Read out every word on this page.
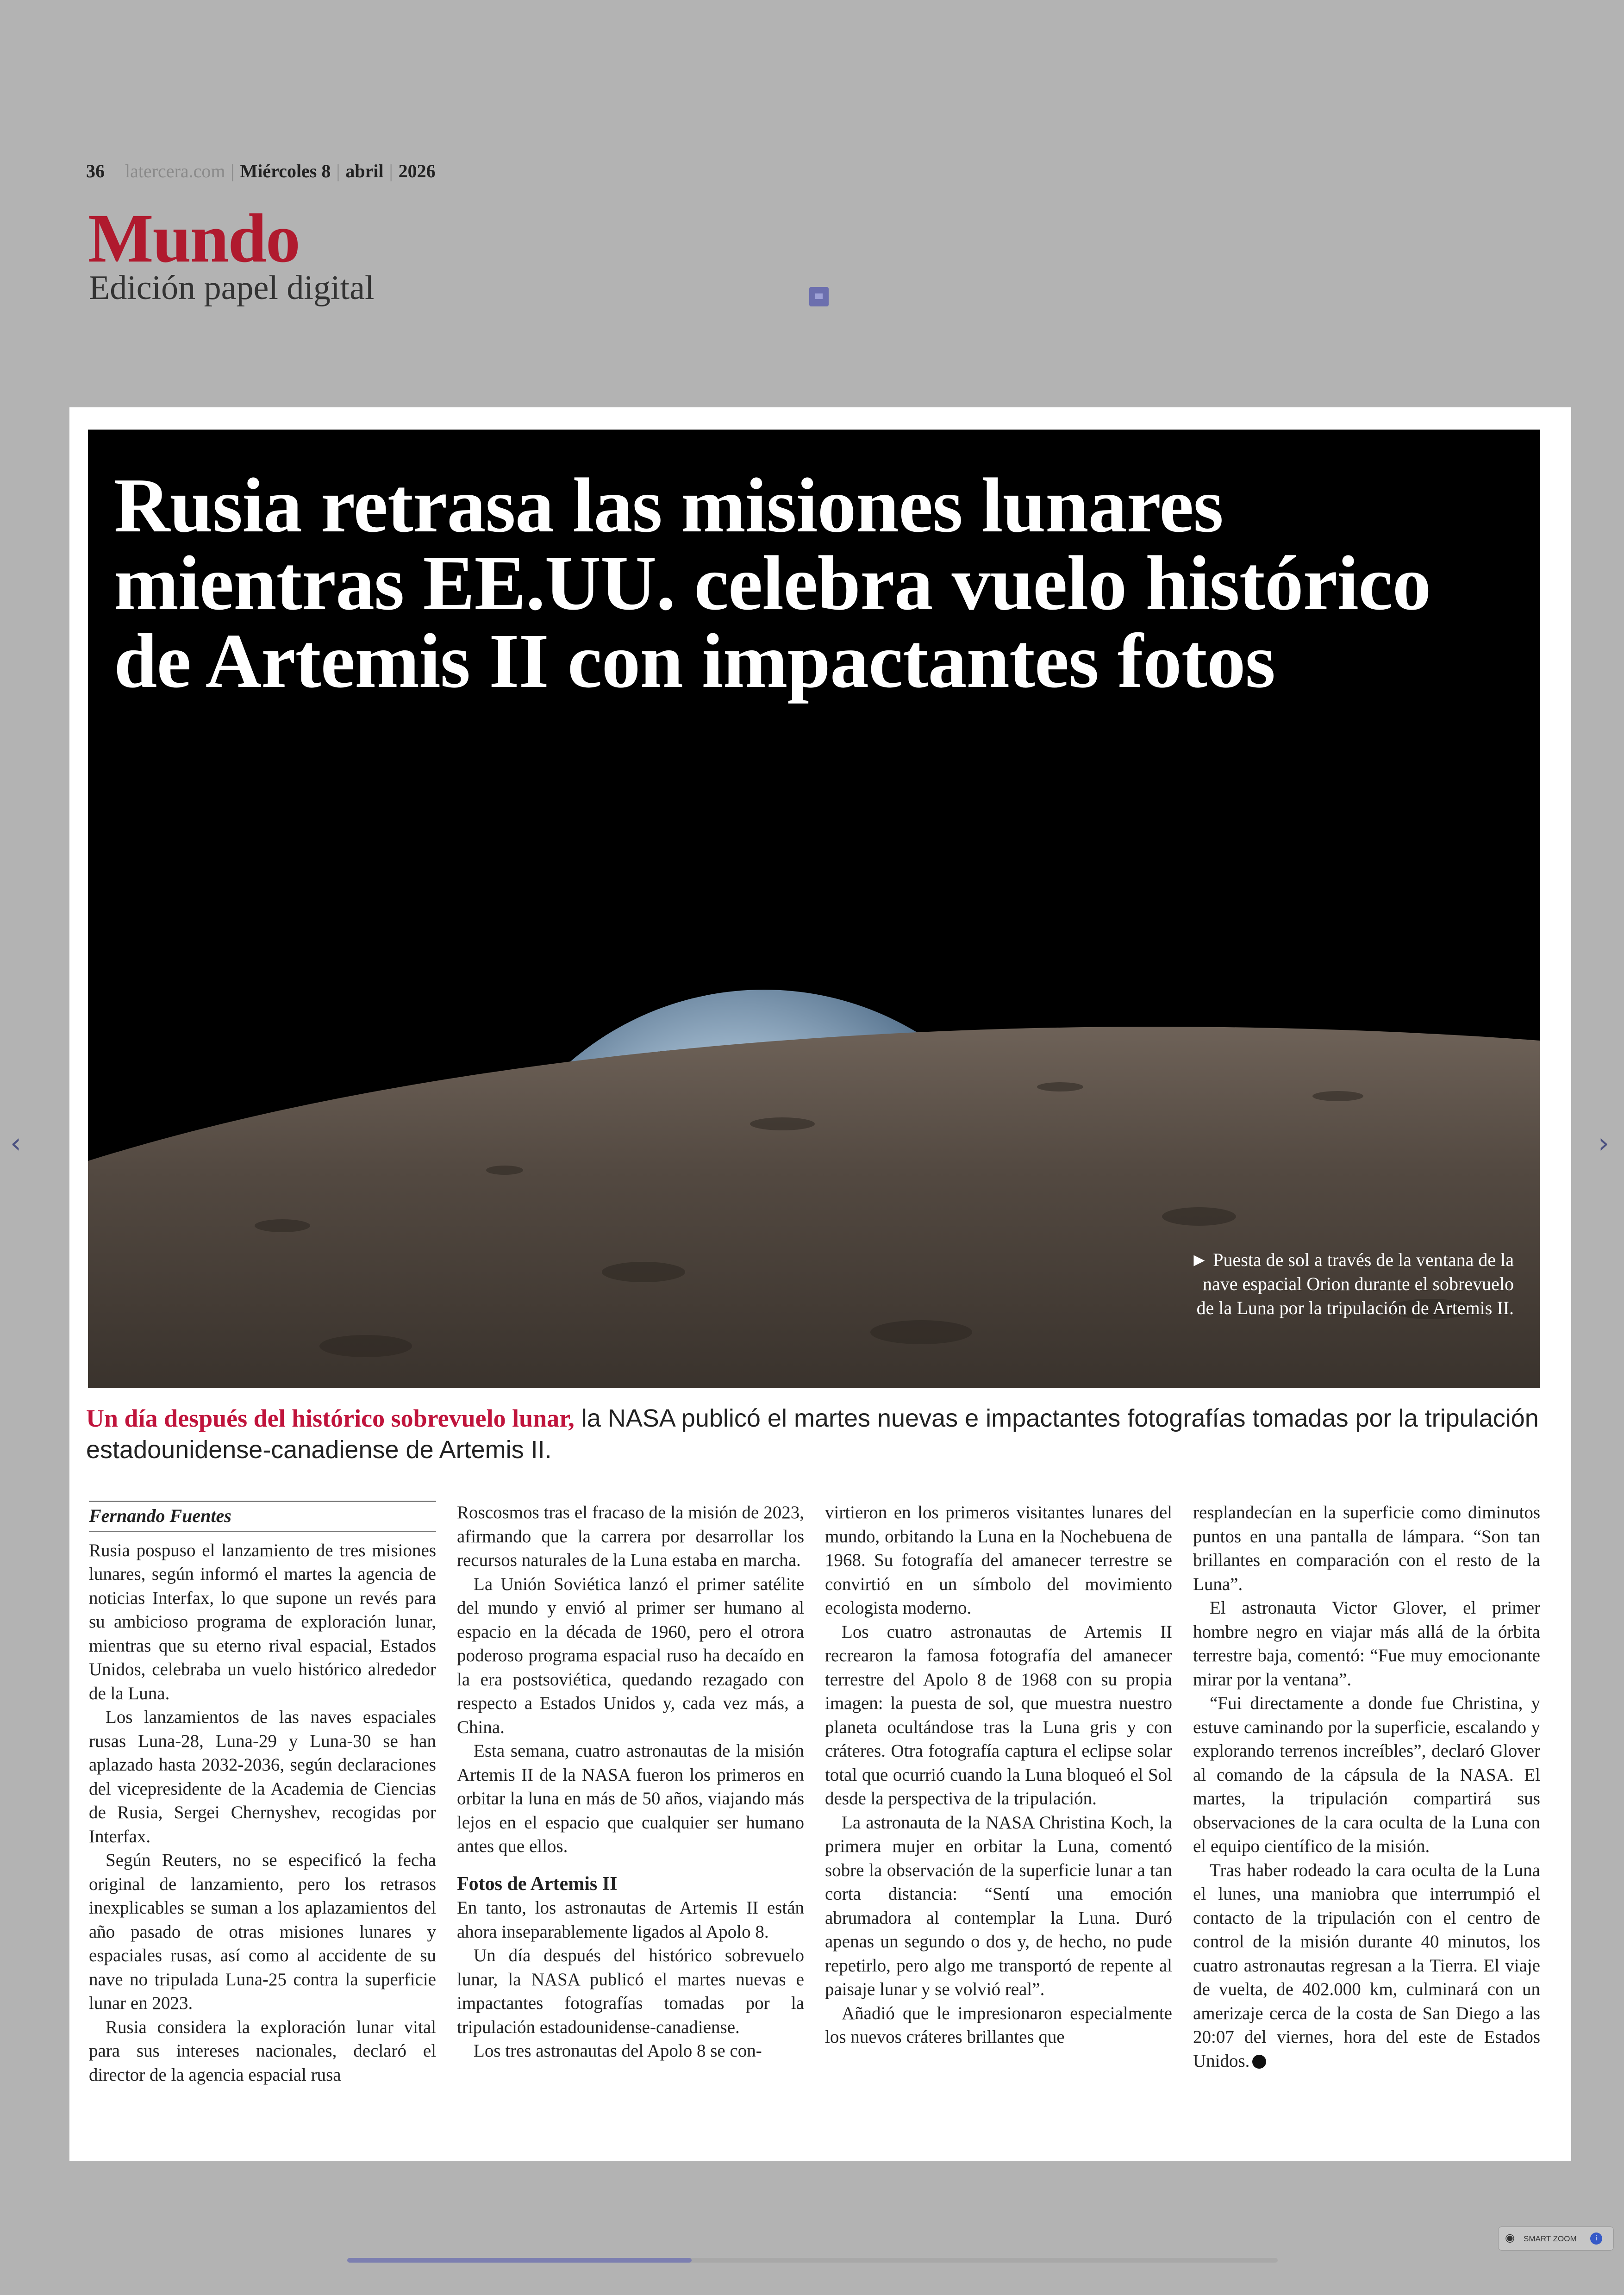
36 latercera.com | Miércoles 8 | abril | 2026
Mundo
Edición papel digital
Rusia retrasa las misiones lunares mientras EE.UU. celebra vuelo histórico de Artemis II con impactantes fotos
► Puesta de sol a través de la ventana de la nave espacial Orion durante el sobrevuelo de la Luna por la tripulación de Artemis II.
Un día después del histórico sobrevuelo lunar, la NASA publicó el martes nuevas e impactantes fotografías tomadas por la tripulación estadounidense-canadiense de Artemis II.
Fernando Fuentes

Rusia pospuso el lanzamiento de tres misiones lunares, según informó el martes la agencia de noticias Interfax, lo que supone un revés para su ambicioso programa de exploración lunar, mientras que su eterno rival espacial, Estados Unidos, celebraba un vuelo histórico alrededor de la Luna.

Los lanzamientos de las naves espaciales rusas Luna-28, Luna-29 y Luna-30 se han aplazado hasta 2032-2036, según declaraciones del vicepresidente de la Academia de Ciencias de Rusia, Sergei Chernyshev, recogidas por Interfax.

Según Reuters, no se especificó la fecha original de lanzamiento, pero los retrasos inexplicables se suman a los aplazamientos del año pasado de otras misiones lunares y espaciales rusas, así como al accidente de su nave no tripulada Luna-25 contra la superficie lunar en 2023.

Rusia considera la exploración lunar vital para sus intereses nacionales, declaró el director de la agencia espacial rusa

Roscosmos tras el fracaso de la misión de 2023, afirmando que la carrera por desarrollar los recursos naturales de la Luna estaba en marcha.

La Unión Soviética lanzó el primer satélite del mundo y envió al primer ser humano al espacio en la década de 1960, pero el otrora poderoso programa espacial ruso ha decaído en la era postsoviética, quedando rezagado con respecto a Estados Unidos y, cada vez más, a China.

Esta semana, cuatro astronautas de la misión Artemis II de la NASA fueron los primeros en orbitar la luna en más de 50 años, viajando más lejos en el espacio que cualquier ser humano antes que ellos.

Fotos de Artemis II

En tanto, los astronautas de Artemis II están ahora inseparablemente ligados al Apolo 8.

Un día después del histórico sobrevuelo lunar, la NASA publicó el martes nuevas e impactantes fotografías tomadas por la tripulación estadounidense-canadiense.

Los tres astronautas del Apolo 8 se con-

virtieron en los primeros visitantes lunares del mundo, orbitando la Luna en la Nochebuena de 1968. Su fotografía del amanecer terrestre se convirtió en un símbolo del movimiento ecologista moderno.

Los cuatro astronautas de Artemis II recrearon la famosa fotografía del amanecer terrestre del Apolo 8 de 1968 con su propia imagen: la puesta de sol, que muestra nuestro planeta ocultándose tras la Luna gris y con cráteres. Otra fotografía captura el eclipse solar total que ocurrió cuando la Luna bloqueó el Sol desde la perspectiva de la tripulación.

La astronauta de la NASA Christina Koch, la primera mujer en orbitar la Luna, comentó sobre la observación de la superficie lunar a tan corta distancia: “Sentí una emoción abrumadora al contemplar la Luna. Duró apenas un segundo o dos y, de hecho, no pude repetirlo, pero algo me transportó de repente al paisaje lunar y se volvió real”.

Añadió que le impresionaron especialmente los nuevos cráteres brillantes que

resplandecían en la superficie como diminutos puntos en una pantalla de lámpara. “Son tan brillantes en comparación con el resto de la Luna”.

El astronauta Victor Glover, el primer hombre negro en viajar más allá de la órbita terrestre baja, comentó: “Fue muy emocionante mirar por la ventana”.

“Fui directamente a donde fue Christina, y estuve caminando por la superficie, escalando y explorando terrenos increíbles”, declaró Glover al comando de la cápsula de la NASA. El martes, la tripulación compartirá sus observaciones de la cara oculta de la Luna con el equipo científico de la misión.

Tras haber rodeado la cara oculta de la Luna el lunes, una maniobra que interrumpió el contacto de la tripulación con el centro de control de la misión durante 40 minutos, los cuatro astronautas regresan a la Tierra. El viaje de vuelta, de 402.000 km, culminará con un amerizaje cerca de la costa de San Diego a las 20:07 del viernes, hora del este de Estados Unidos.

‹	›
◉ SMART ZOOM	i
